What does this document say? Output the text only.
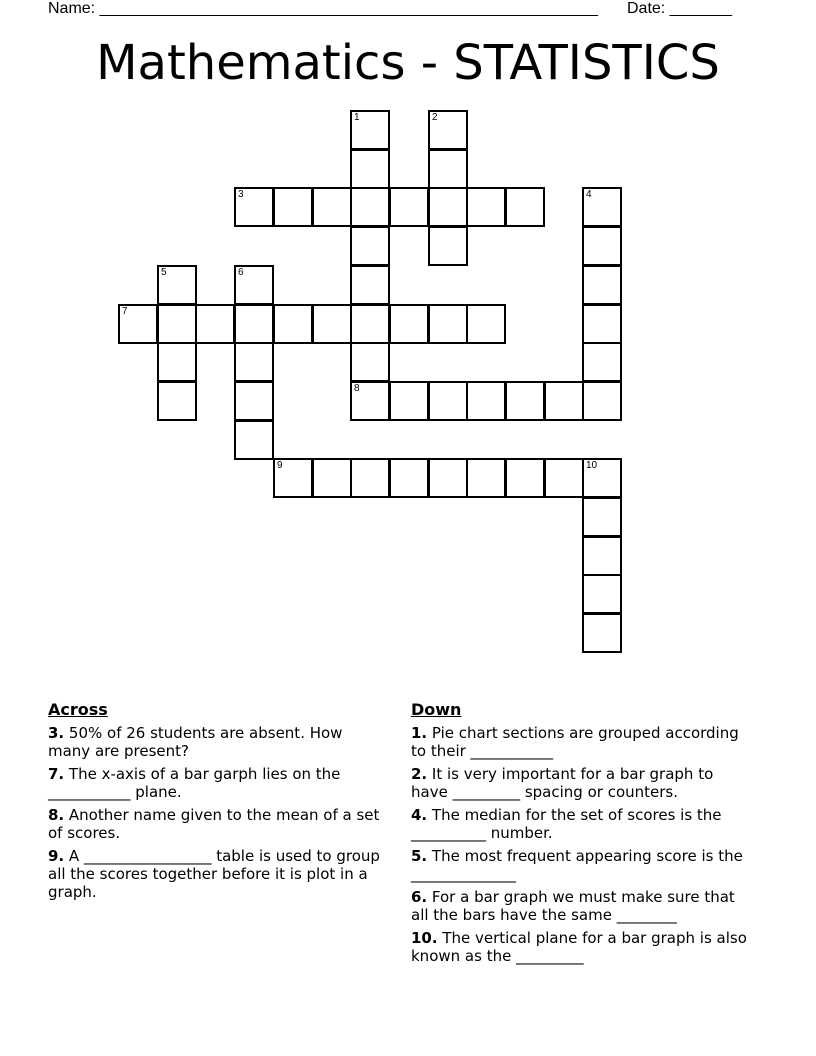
Name: ________________________________________________________ Date: _______
Mathematics - STATISTICS
1
8
2
3	4
5	6
7
9	10
Across
3. 50% of 26 students are absent. How many are present?
7. The x-axis of a bar garph lies on the ___________ plane.
8. Another name given to the mean of a set of scores.
9. A _________________ table is used to group all the scores together before it is plot in a graph.
Down
1. Pie chart sections are grouped according to their ___________
2. It is very important for a bar graph to have _________ spacing or counters.
4. The median for the set of scores is the __________ number.
5. The most frequent appearing score is the ______________
6. For a bar graph we must make sure that all the bars have the same ________
10. The vertical plane for a bar graph is also known as the _________
